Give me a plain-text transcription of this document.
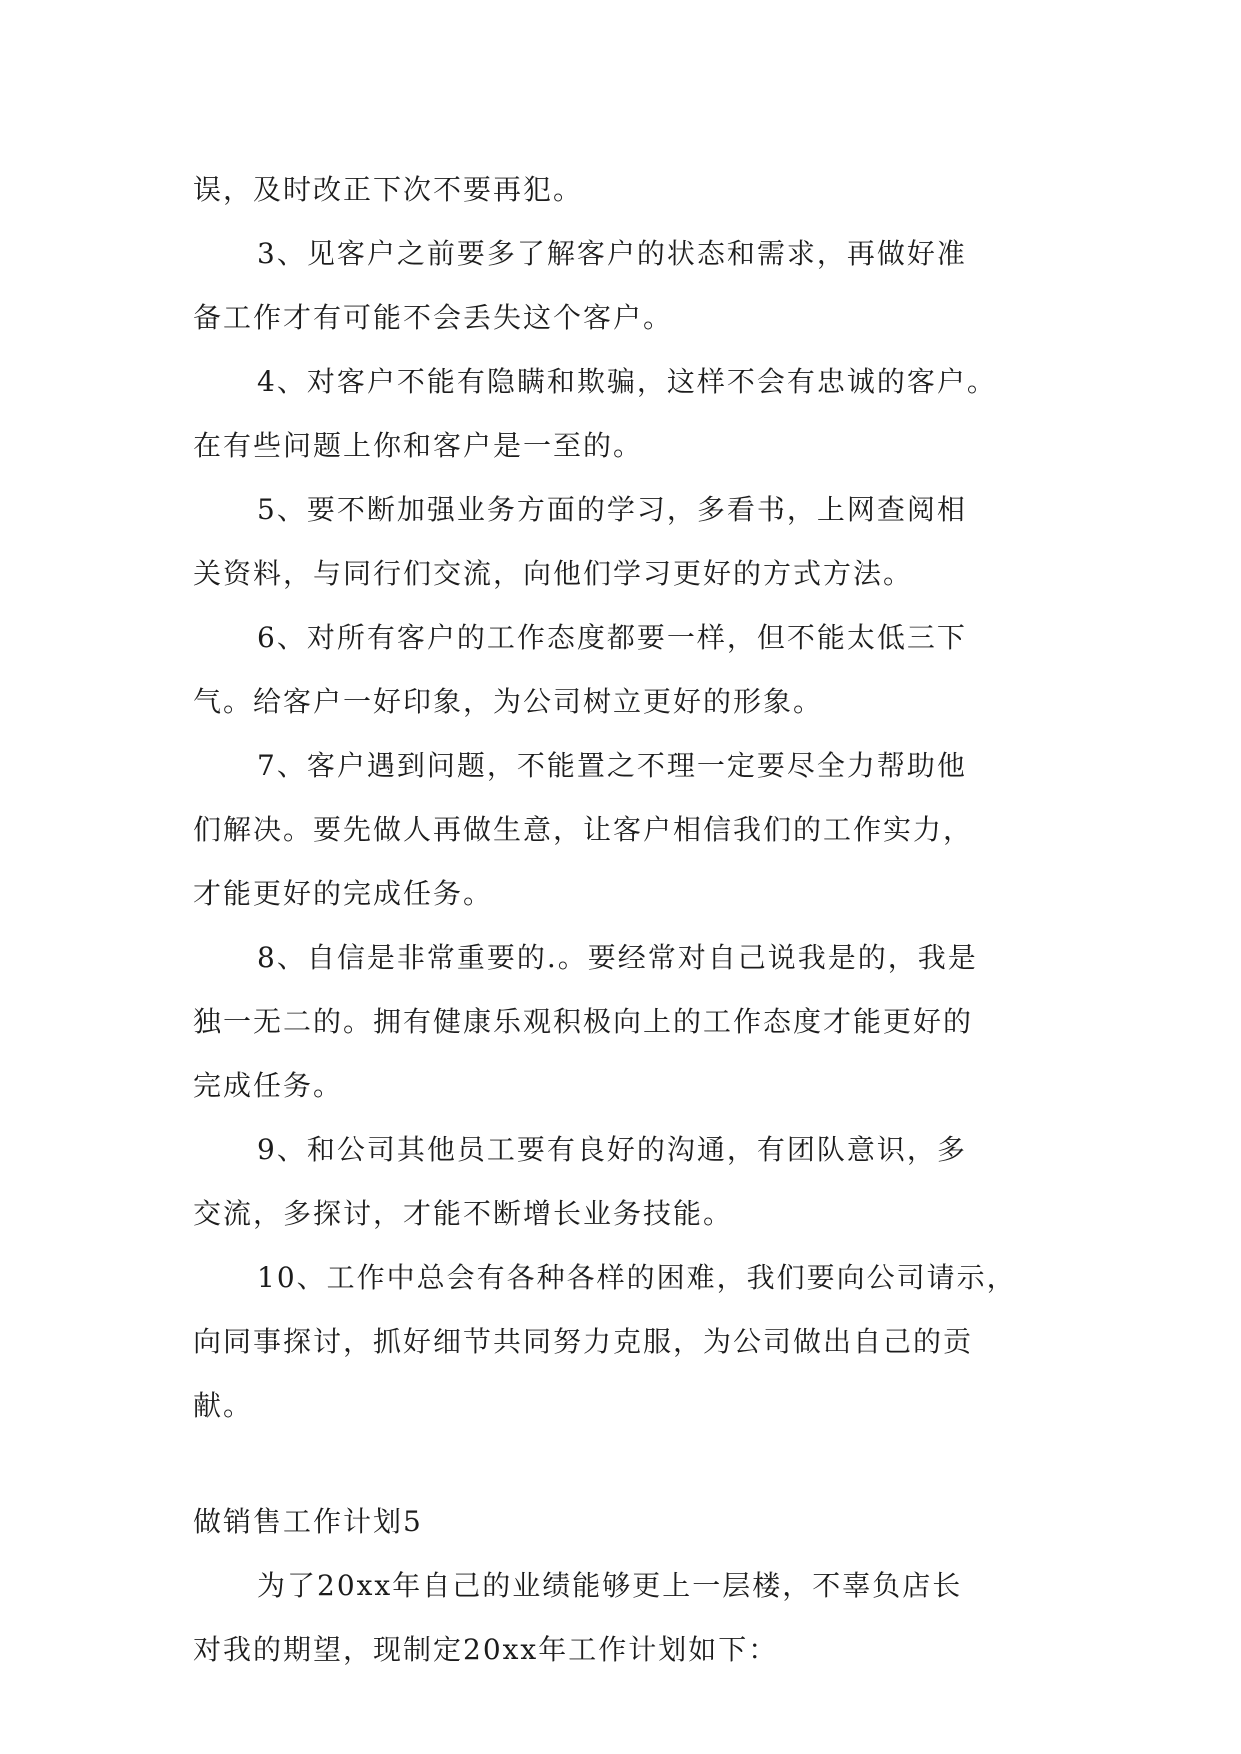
误，及时改正下次不要再犯。

3、见客户之前要多了解客户的状态和需求，再做好准
备工作才有可能不会丢失这个客户。

4、对客户不能有隐瞒和欺骗，这样不会有忠诚的客户。
在有些问题上你和客户是一至的。

5、要不断加强业务方面的学习，多看书，上网查阅相
关资料，与同行们交流，向他们学习更好的方式方法。

6、对所有客户的工作态度都要一样，但不能太低三下
气。给客户一好印象，为公司树立更好的形象。

7、客户遇到问题，不能置之不理一定要尽全力帮助他
们解决。要先做人再做生意，让客户相信我们的工作实力，
才能更好的完成任务。

8、自信是非常重要的.。要经常对自己说我是的，我是
独一无二的。拥有健康乐观积极向上的工作态度才能更好的
完成任务。

9、和公司其他员工要有良好的沟通，有团队意识，多
交流，多探讨，才能不断增长业务技能。

10、工作中总会有各种各样的困难，我们要向公司请示，
向同事探讨，抓好细节共同努力克服，为公司做出自己的贡
献。

做销售工作计划5

为了20xx年自己的业绩能够更上一层楼，不辜负店长
对我的期望，现制定20xx年工作计划如下：
